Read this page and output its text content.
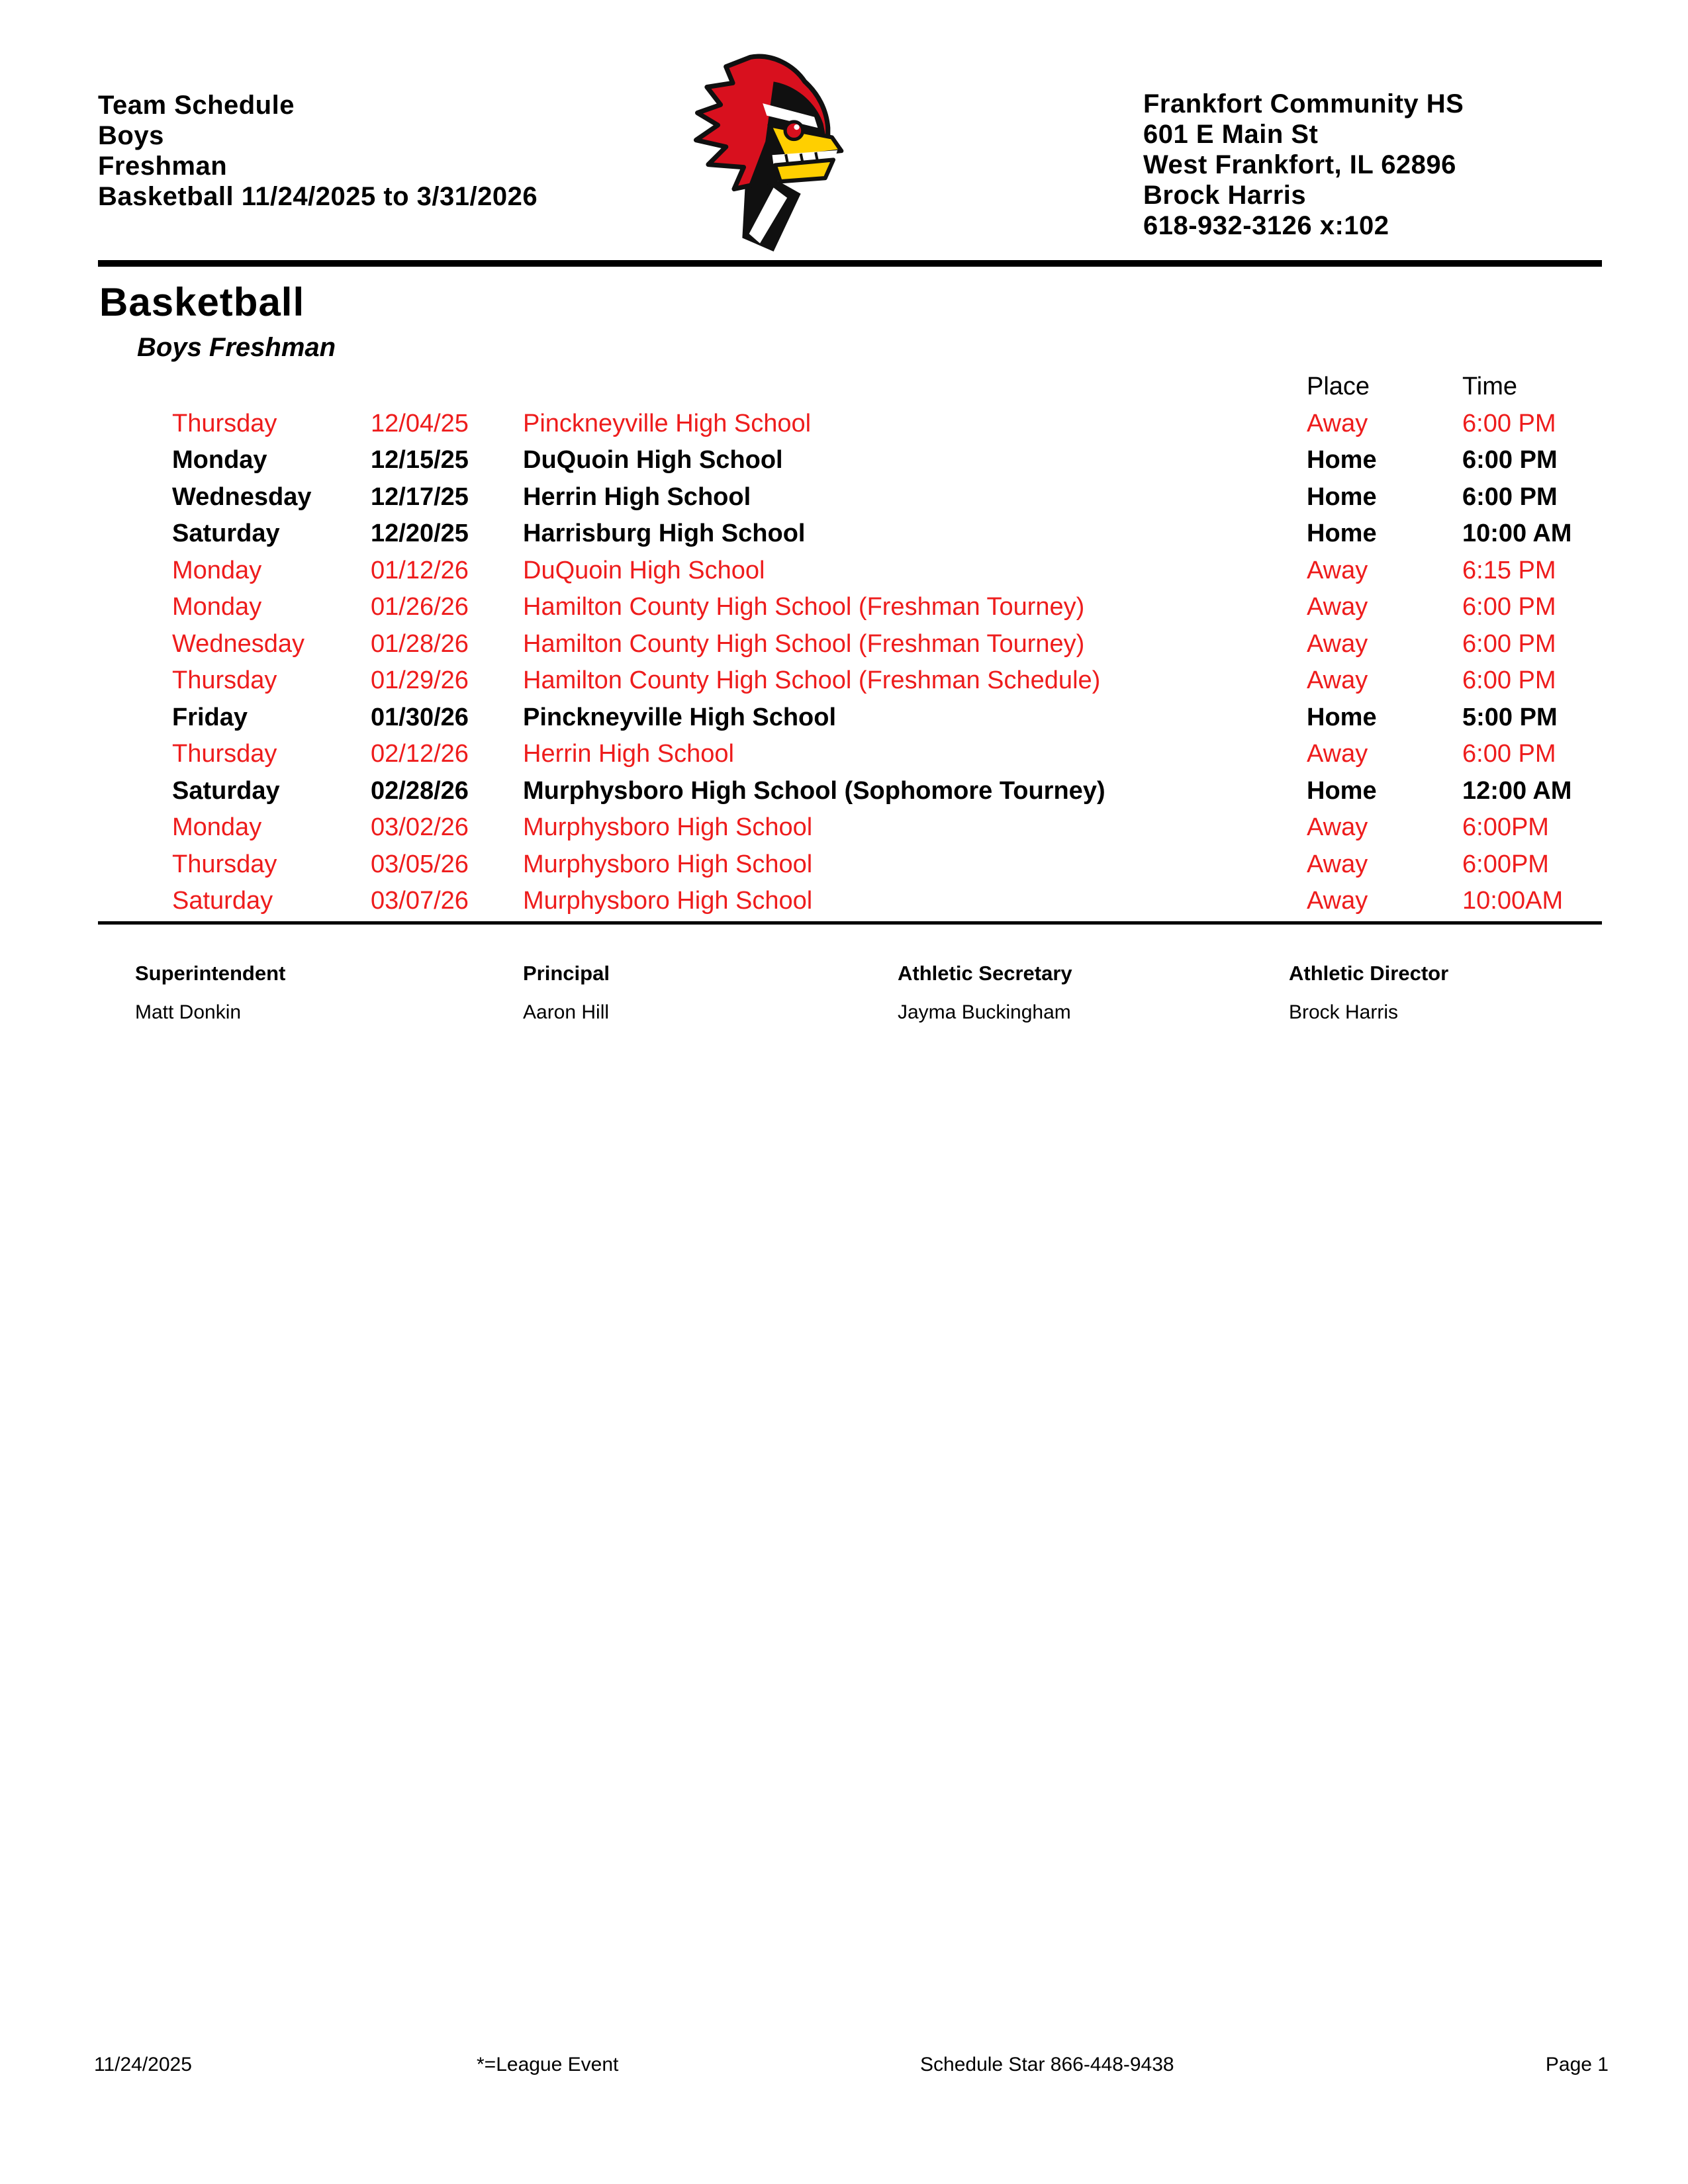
Team Schedule
Boys
Freshman
Basketball 11/24/2025 to 3/31/2026
Frankfort Community HS
601 E Main St
West Frankfort, IL 62896
Brock Harris
618-932-3126 x:102
Basketball
Boys Freshman
Place	Time
Thursday	12/04/25 Pinckneyville High School	Away	6:00 PM
Monday	12/15/25 DuQuoin High School	Home	6:00 PM
Wednesday 12/17/25 Herrin High School	Home	6:00 PM
Saturday	12/20/25 Harrisburg High School	Home	10:00 AM
Monday	01/12/26 DuQuoin High School	Away	6:15 PM
Monday	01/26/26 Hamilton County High School (Freshman Tourney)	Away	6:00 PM
Wednesday	01/28/26 Hamilton County High School (Freshman Tourney)	Away	6:00 PM
Thursday	01/29/26 Hamilton County High School (Freshman Schedule)	Away	6:00 PM
Friday	01/30/26 Pinckneyville High School	Home	5:00 PM
Thursday	02/12/26 Herrin High School	Away	6:00 PM
Saturday	02/28/26 Murphysboro High School (Sophomore Tourney)	Home	12:00 AM
Monday	03/02/26 Murphysboro High School	Away	6:00PM
Thursday	03/05/26 Murphysboro High School	Away	6:00PM
Saturday	03/07/26 Murphysboro High School	Away	10:00AM
Superintendent
Matt Donkin
Principal
Aaron Hill
Athletic Secretary
Jayma Buckingham
Athletic Director
Brock Harris
11/24/2025	*=League Event	Schedule Star 866-448-9438	Page 1
